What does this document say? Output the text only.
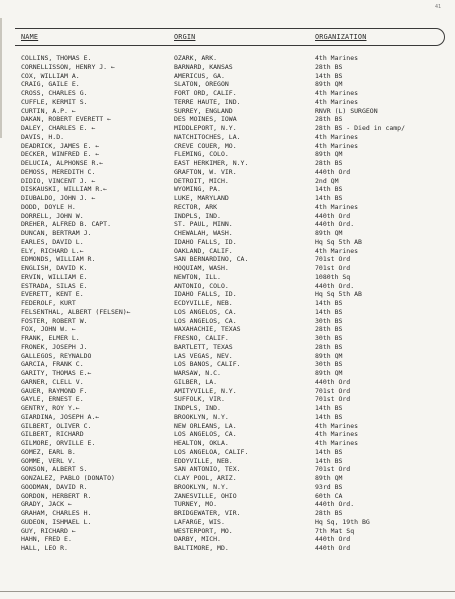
41
NAME	ORGIN	ORGANIZATION
COLLINS, THOMAS E.	OZARK, ARK.	4th Marines
CORNELLISSON, HENRY J. ←	BARNARD, KANSAS	28th BS
COX, WILLIAM A.	AMERICUS, GA.	14th BS
CRAIG, GAILE E.	SLATON, OREGON	89th QM
CROSS, CHARLES G.	FORT ORD, CALIF.	4th Marines
CUFFLE, KERMIT S.	TERRE HAUTE, IND.	4th Marines
CURTIN, A.P. ←	SURREY, ENGLAND	RNVR (L) SURGEON
DAKAN, ROBERT EVERETT ←	DES MOINES, IOWA	28th BS
DALEY, CHARLES E. ←	MIDDLEPORT, N.Y.	28th BS - Died in camp/
DAVIS, H.D.	NATCHITOCHES, LA.	4th Marines
DEADRICK, JAMES E. ←	CREVE COUER, MO.	4th Marines
DECKER, WINFRED E. ←	FLEMING, COLO.	89th QM
DELUCIA, ALPHONSE R.←	EAST HERKIMER, N.Y.	28th BS
DEMOSS, MEREDITH C.	GRAFTON, W. VIR.	440th Ord
DIDIO, VINCENT J. ←	DETROIT, MICH.	2nd QM
DISKAUSKI, WILLIAM R.←	WYOMING, PA.	14th BS
DIUBALDO, JOHN J. ←	LUKE, MARYLAND	14th BS
DODD, DOYLE H.	RECTOR, ARK	4th Marines
DORRELL, JOHN W.	INDPLS, IND.	440th Ord
DREHER, ALFRED B. CAPT.	ST. PAUL, MINN.	440th Ord.
DUNCAN, BERTRAM J.	CHEWALAH, WASH.	89th QM
EARLES, DAVID L.	IDAHO FALLS, ID.	Hq Sq 5th AB
ELY, RICHARD L.←	OAKLAND, CALIF.	4th Marines
EDMONDS, WILLIAM R.	SAN BERNARDINO, CA.	701st Ord
ENGLISH, DAVID K.	HOQUIAM, WASH.	701st Ord
ERVIN, WILLIAM E.	NEWTON, ILL.	1080th Sq
ESTRADA, SILAS E.	ANTONIO, COLO.	440th Ord.
EVERETT, KENT E.	IDAHO FALLS, ID.	Hq Sq 5th AB
FEDEROLF, KURT	ECDYVILLE, NEB.	14th BS
FELSENTHAL, ALBERT (FELSEN)←	LOS ANGELOS, CA.	14th BS
FOSTER, ROBERT W.	LOS ANGELOS, CA.	30th BS
FOX, JOHN W. ←	WAXAHACHIE, TEXAS	28th BS
FRANK, ELMER L.	FRESNO, CALIF.	30th BS
FRONEK, JOSEPH J.	BARTLETT, TEXAS	28th BS
GALLEGOS, REYNALDO	LAS VEGAS, NEV.	89th QM
GARCIA, FRANK C.	LOS BANOS, CALIF.	30th BS
GARITY, THOMAS E.←	WARSAW, N.C.	89th QM
GARNER, CLELL V.	GILBER, LA.	440th Ord
GAUER, RAYMOND F.	AMITYVILLE, N.Y.	701st Ord
GAYLE, ERNEST E.	SUFFOLK, VIR.	701st Ord
GENTRY, ROY Y.←	INDPLS, IND.	14th BS
GIARDINA, JOSEPH A.←	BROOKLYN, N.Y.	14th BS
GILBERT, OLIVER C.	NEW ORLEANS, LA.	4th Marines
GILBERT, RICHARD	LOS ANGELOS, CA.	4th Marines
GILMORE, ORVILLE E.	HEALTON, OKLA.	4th Marines
GOMEZ, EARL B.	LOS ANGELOA, CALIF.	14th BS
GOMME, VERL V.	EDDYVILLE, NEB.	14th BS
GONSON, ALBERT S.	SAN ANTONIO, TEX.	701st Ord
GONZALEZ, PABLO (DONATO)	CLAY POOL, ARIZ.	89th QM
GOODMAN, DAVID R.	BROOKLYN, N.Y.	93rd BS
GORDON, HERBERT R.	ZANESVILLE, OHIO	60th CA
GRADY, JACK ←	TURNEY, MO.	440th Ord.
GRAHAM, CHARLES H.	BRIDGEWATER, VIR.	28th BS
GUDEON, ISHMAEL L.	LAFARGE, WIS.	Hq Sq, 19th BG
GUY, RICHARD ←	WESTERPORT, MO.	7th Mat Sq
HAHN, FRED E.	DARBY, MICH.	440th Ord
HALL, LEO R.	BALTIMORE, MD.	440th Ord
